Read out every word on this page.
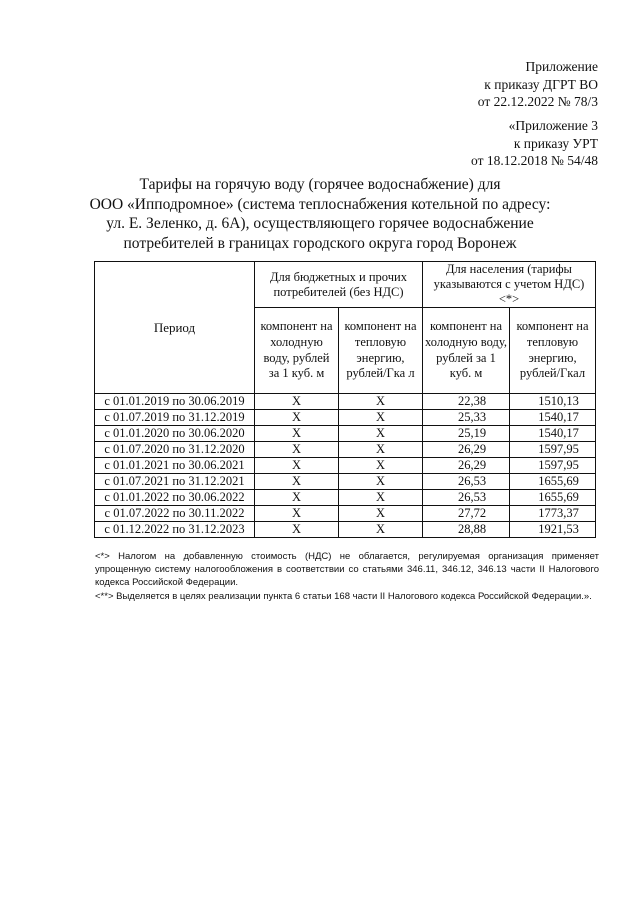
Приложение
к приказу ДГРТ ВО
от 22.12.2022 № 78/3
«Приложение 3
к приказу УРТ
от 18.12.2018 № 54/48
Тарифы на горячую воду (горячее водоснабжение) для
ООО «Ипподромное» (система теплоснабжения котельной по адресу:
ул. Е. Зеленко, д. 6А), осуществляющего горячее водоснабжение
потребителей в границах городского округа город Воронеж
Период	Для бюджетных и прочих потребителей (без НДС)		Для населения (тарифы указываются с учетом НДС) <*>	
	компонент на холодную воду, рублей за 1 куб. м	компонент на тепловую энергию, рублей/Гка л	компонент на холодную воду, рублей за 1 куб. м	компонент на тепловую энергию, рублей/Гкал
с 01.01.2019 по 30.06.2019	X	X	22,38	1510,13
с 01.07.2019 по 31.12.2019	X	X	25,33	1540,17
с 01.01.2020 по 30.06.2020	X	X	25,19	1540,17
с 01.07.2020 по 31.12.2020	X	X	26,29	1597,95
с 01.01.2021 по 30.06.2021	X	X	26,29	1597,95
с 01.07.2021 по 31.12.2021	X	X	26,53	1655,69
с 01.01.2022 по 30.06.2022	X	X	26,53	1655,69
с 01.07.2022 по 30.11.2022	X	X	27,72	1773,37
с 01.12.2022 по 31.12.2023	X	X	28,88	1921,53

<*> Налогом на добавленную стоимость (НДС) не облагается, регулируемая организация применяет упрощенную систему налогообложения в соответствии со статьями 346.11, 346.12, 346.13 части II Налогового кодекса Российской Федерации.

<**> Выделяется в целях реализации пункта 6 статьи 168 части II Налогового кодекса Российской Федерации.».
